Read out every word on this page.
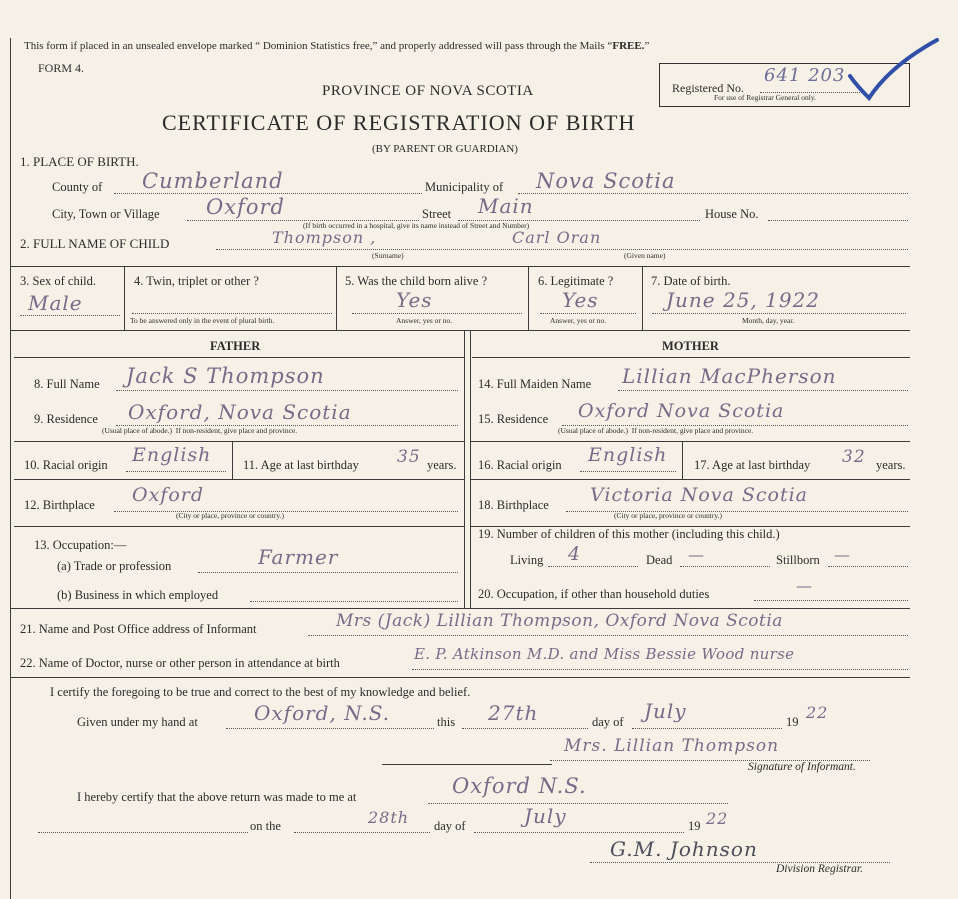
This form if placed in an unsealed envelope marked “ Dominion Statistics free,” and properly addressed will pass through the Mails “FREE.”
FORM 4.
PROVINCE OF NOVA SCOTIA	Registered No.
641 203
For use of Registrar General only.
CERTIFICATE OF REGISTRATION OF BIRTH
(BY PARENT OR GUARDIAN)
1. PLACE OF BIRTH.
County of Cumberland	Municipality of Nova Scotia
City, Town or Village Oxford	Street Main	House No.
(If birth occurred in a hospital, give its name instead of Street and Number)
2. FULL NAME OF CHILD	Thompson ,	Carl Oran
(Surname)	(Given name)
3. Sex of child.
Male
4. Twin, triplet or other ?
To be answered only in the event of plural birth.
5. Was the child born alive ?
Yes
Answer, yes or no.
6. Legitimate ?
Yes
Answer, yes or no.
7. Date of birth.
June 25, 1922
Month, day, year.
FATHER	MOTHER
8. Full Name Jack S Thompson
9. Residence Oxford, Nova Scotia
(Usual place of abode.) If non-resident, give place and province.
10. Racial origin English	11. Age at last birthday 35 years.
12. Birthplace Oxford
(City or place, province or country.)
13. Occupation:—
(a) Trade or profession	Farmer
(b) Business in which employed
14. Full Maiden Name Lillian MacPherson
15. Residence Oxford Nova Scotia
(Usual place of abode.) If non-resident, give place and province.
16. Racial origin English 17. Age at last birthday 32 years.
18. Birthplace Victoria Nova Scotia
(City or place, province or country.)
19. Number of children of this mother (including this child.)
Living 4	Dead —	Stillborn —
20. Occupation, if other than household duties	—
21. Name and Post Office address of Informant	Mrs (Jack) Lillian Thompson, Oxford Nova Scotia
22. Name of Doctor, nurse or other person in attendance at birth	E. P. Atkinson M.D. and Miss Bessie Wood nurse
I certify the foregoing to be true and correct to the best of my knowledge and belief.
Given under my hand at	Oxford, N.S.	this 27th	day of July	19 22
Mrs. Lillian Thompson
Signature of Informant.
I hereby certify that the above return was made to me at	Oxford N.S.
on the	28th day of	July	19 22
G.M. Johnson
Division Registrar.
